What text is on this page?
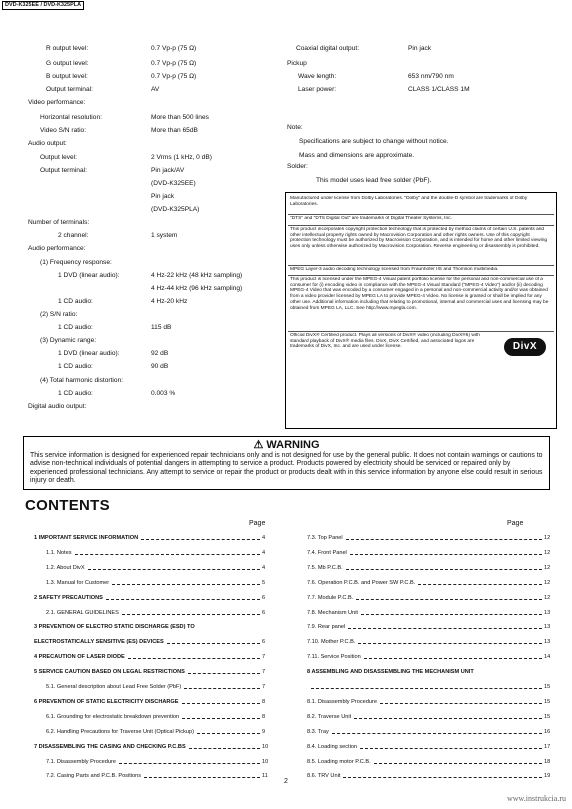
DVD-K325EE / DVD-K325PLA
R output level:	0.7 Vp-p (75 Ω)
G output level:	0.7 Vp-p (75 Ω)
B output level:	0.7 Vp-p (75 Ω)
Output terminal:	AV
Video performance:
Horizontal resolution:	More than 500 lines
Video S/N ratio:	More than 65dB
Audio output:
Output level:	2 Vrms (1 kHz, 0 dB)
Output terminal:	Pin jack/AV
(DVD-K325EE)
Pin jack
(DVD-K325PLA)
Number of terminals:
2 channel:	1 system
Audio performance:
(1) Frequency response:
1 DVD (linear audio):	4 Hz-22 kHz (48 kHz sampling)
4 Hz-44 kHz (96 kHz sampling)
1 CD audio:	4 Hz-20 kHz
(2) S/N ratio:
1 CD audio:	115 dB
(3) Dynamic range:
1 DVD (linear audio):	92 dB
1 CD audio:	90 dB
(4) Total harmonic distortion:
1 CD audio:	0.003 %
Digital audio output:
Coaxial digital output:	Pin jack
Pickup
Wave length:	653 nm/790 nm
Laser power:	CLASS 1/CLASS 1M
Note:
Specifications are subject to change without notice.
Mass and dimensions are approximate.
Solder:
This model uses lead free solder (PbF).
DivX
Manufactured under license from Dolby Laboratories. "Dolby" and the double-D symbol are trademarks of Dolby Laboratories.
"DTS" and "DTS Digital Out" are trademarks of Digital Theater Systems, Inc.
This product incorporates copyright protection technology that is protected by method claims of certain U.S. patents and other intellectual property rights owned by Macrovision Corporation and other rights owners. Use of this copyright protection technology must be authorized by Macrovision Corporation, and is intended for home and other limited viewing uses only unless otherwise authorized by Macrovision Corporation. Reverse engineering or disassembly is prohibited.
MPEG Layer-3 audio decoding technology licensed from Fraunhofer IIS and Thomson multimedia.
This product is licensed under the MPEG-4 Visual patent portfolio license for the personal and non-commercial use of a consumer for (i) encoding video in compliance with the MPEG-4 Visual Standard ("MPEG-4 Video") and/or (ii) decoding MPEG-4 Video that was encoded by a consumer engaged in a personal and non-commercial activity and/or was obtained from a video provider licensed by MPEG LA to provide MPEG-4 Video. No license is granted or shall be implied for any other use. Additional information including that relating to promotional, internal and commercial uses and licensing may be obtained from MPEG LA, LLC. See http://www.mpegla.com.
Official DivX® Certified product. Plays all versions of DivX® video (including DivX®6) with standard playback of DivX® media files. DivX, DivX Certified, and associated logos are trademarks of DivX, Inc. and are used under license.
⚠ WARNING
This service information is designed for experienced repair technicians only and is not designed for use by the general public. It does not contain warnings or cautions to advise non-technical individuals of potential dangers in attempting to service a product. Products powered by electricity should be serviced or repaired only by experienced professional technicians. Any attempt to service or repair the product or products dealt with in this service information by anyone else could result in serious injury or death.
CONTENTS
Page	Page
1 IMPORTANT SERVICE INFORMATION	4
1.1. Notes	4
1.2. About DivX	4
1.3. Manual for Customer	5
2 SAFETY PRECAUTIONS	6
2.1. GENERAL GUIDELINES	6
3 PREVENTION OF ELECTRO STATIC DISCHARGE (ESD) TO
ELECTROSTATICALLY SENSITIVE (ES) DEVICES	6
4 PRECAUTION OF LASER DIODE	7
5 SERVICE CAUTION BASED ON LEGAL RESTRICTIONS	7
5.1. General description about Lead Free Solder (PbF)	7
6 PREVENTION OF STATIC ELECTRICITY DISCHARGE	8
6.1. Grounding for electrostatic breakdown prevention	8
6.2. Handling Precautions for Traverse Unit (Optical Pickup)	9
7 DISASSEMBLING THE CASING AND CHECKING P.C.BS	10
7.1. Disassembly Procedure	10
7.2. Casing Parts and P.C.B. Positions	11
7.3. Top Panel	12
7.4. Front Panel	12
7.5. Mb P.C.B.	12
7.6. Operation P.C.B. and Power SW P.C.B.	12
7.7. Module P.C.B.	12
7.8. Mechanism Unit	13
7.9. Rear panel	13
7.10. Mother P.C.B.	13
7.11. Service Position	14
8 ASSEMBLING AND DISASSEMBLING THE MECHANISM UNIT
15
8.1. Disassembly Procedure	15
8.2. Traverse Unit	15
8.3. Tray	16
8.4. Loading section	17
8.5. Loading motor P.C.B.	18
8.6. TRV Unit	19
2
www.instrukcia.ru
